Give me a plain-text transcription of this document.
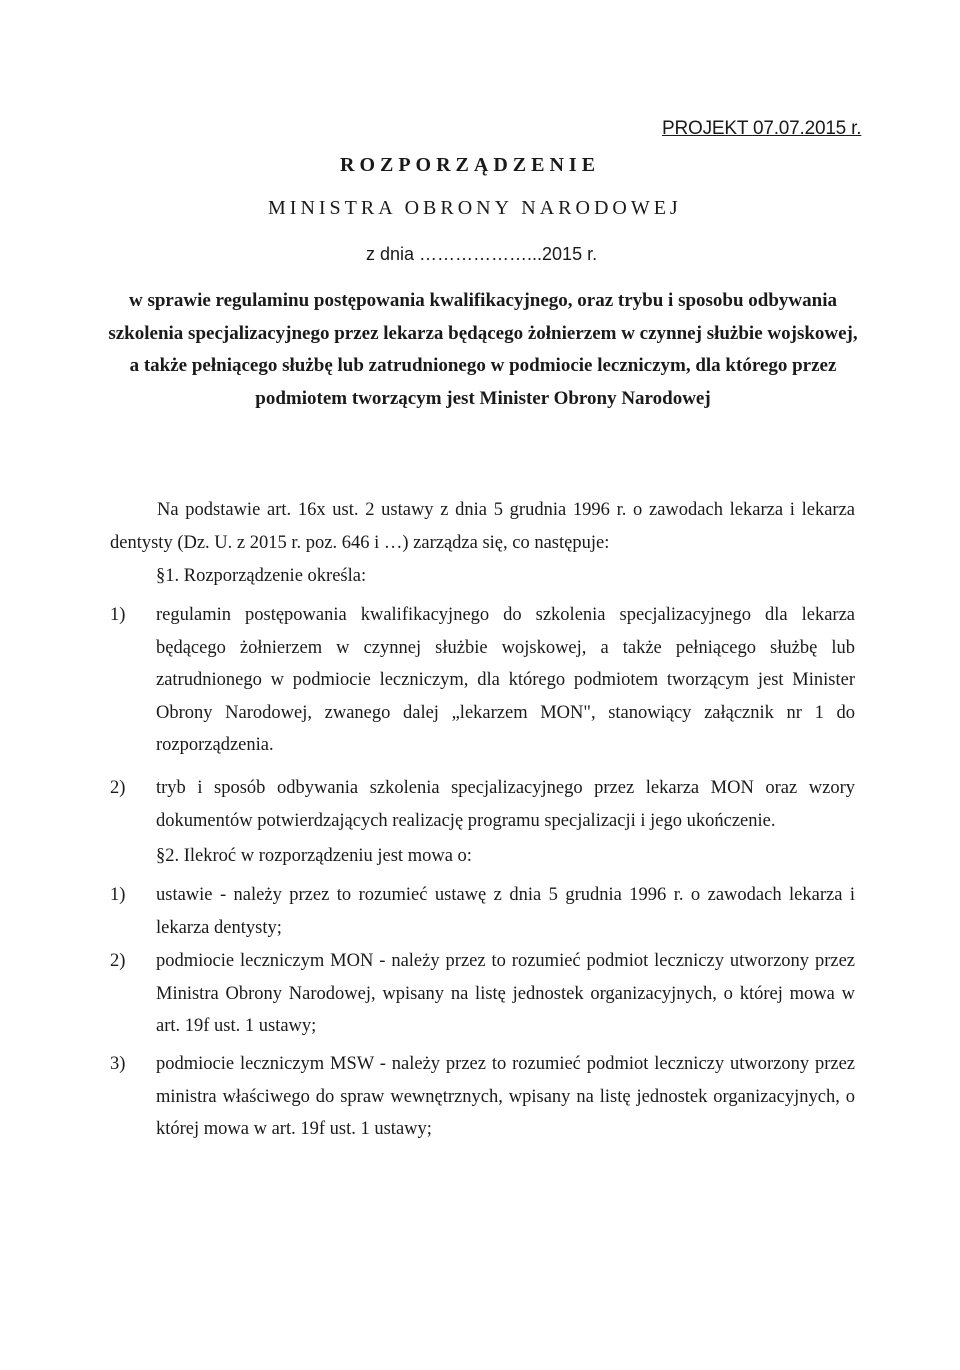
PROJEKT 07.07.2015 r.
ROZPORZĄDZENIE
MINISTRA OBRONY NARODOWEJ
z dnia ………………...2015 r.
w sprawie regulaminu postępowania kwalifikacyjnego, oraz trybu i sposobu odbywania szkolenia specjalizacyjnego przez lekarza będącego żołnierzem w czynnej służbie wojskowej, a także pełniącego służbę lub zatrudnionego w podmiocie leczniczym, dla którego przez podmiotem tworzącym jest Minister Obrony Narodowej
Na podstawie art. 16x ust. 2 ustawy z dnia 5 grudnia 1996 r. o zawodach lekarza i lekarza dentysty (Dz. U. z 2015 r. poz. 646 i …) zarządza się, co następuje:
§1. Rozporządzenie określa:
1) regulamin postępowania kwalifikacyjnego do szkolenia specjalizacyjnego dla lekarza będącego żołnierzem w czynnej służbie wojskowej, a także pełniącego służbę lub zatrudnionego w podmiocie leczniczym, dla którego podmiotem tworzącym jest Minister Obrony Narodowej, zwanego dalej „lekarzem MON", stanowiący załącznik nr 1 do rozporządzenia.
2) tryb i sposób odbywania szkolenia specjalizacyjnego przez lekarza MON oraz wzory dokumentów potwierdzających realizację programu specjalizacji i jego ukończenie.
§2. Ilekroć w rozporządzeniu jest mowa o:
1) ustawie - należy przez to rozumieć ustawę z dnia 5 grudnia 1996 r. o zawodach lekarza i lekarza dentysty;
2) podmiocie leczniczym MON - należy przez to rozumieć podmiot leczniczy utworzony przez Ministra Obrony Narodowej, wpisany na listę jednostek organizacyjnych, o której mowa w art. 19f ust. 1 ustawy;
3) podmiocie leczniczym MSW - należy przez to rozumieć podmiot leczniczy utworzony przez ministra właściwego do spraw wewnętrznych, wpisany na listę jednostek organizacyjnych, o której mowa w art. 19f ust. 1 ustawy;
